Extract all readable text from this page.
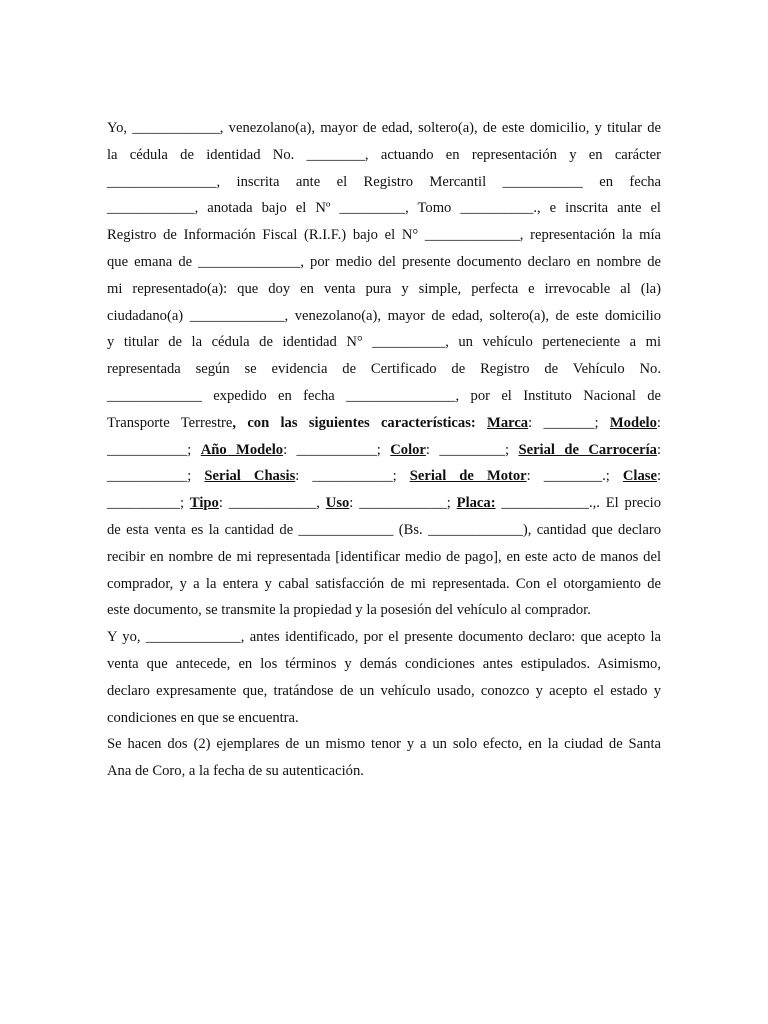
Yo, ____________, venezolano(a), mayor de edad, soltero(a), de este domicilio, y titular de
la cédula de identidad No. ________, actuando en representación y en carácter
_______________, inscrita ante el Registro Mercantil ___________ en fecha
____________, anotada bajo el Nº _________, Tomo __________., e inscrita ante el
Registro de Información Fiscal (R.I.F.) bajo el N° _____________, representación la mía
que emana de ______________, por medio del presente documento declaro en nombre de
mi representado(a): que doy en venta pura y simple, perfecta e irrevocable al (la)
ciudadano(a) _____________, venezolano(a), mayor de edad, soltero(a), de este domicilio
y titular de la cédula de identidad N° __________, un vehículo perteneciente a mi
representada según se evidencia de Certificado de Registro de Vehículo No.
_____________ expedido en fecha _______________, por el Instituto Nacional de
Transporte Terrestre, con las siguientes características: Marca: _______; Modelo:
___________; Año Modelo: ___________; Color: _________; Serial de Carrocería:
___________; Serial Chasis: ___________; Serial de Motor: ________.; Clase:
__________; Tipo: ____________, Uso: ____________; Placa: ____________.,. El precio
de esta venta es la cantidad de _____________ (Bs. _____________), cantidad que declaro
recibir en nombre de mi representada [identificar medio de pago], en este acto de manos del
comprador, y a la entera y cabal satisfacción de mi representada. Con el otorgamiento de
este documento, se transmite la propiedad y la posesión del vehículo al comprador.
Y yo, _____________, antes identificado, por el presente documento declaro: que acepto la
venta que antecede, en los términos y demás condiciones antes estipulados. Asimismo,
declaro expresamente que, tratándose de un vehículo usado, conozco y acepto el estado y
condiciones en que se encuentra.
Se hacen dos (2) ejemplares de un mismo tenor y a un solo efecto, en la ciudad de Santa
Ana de Coro, a la fecha de su autenticación.
